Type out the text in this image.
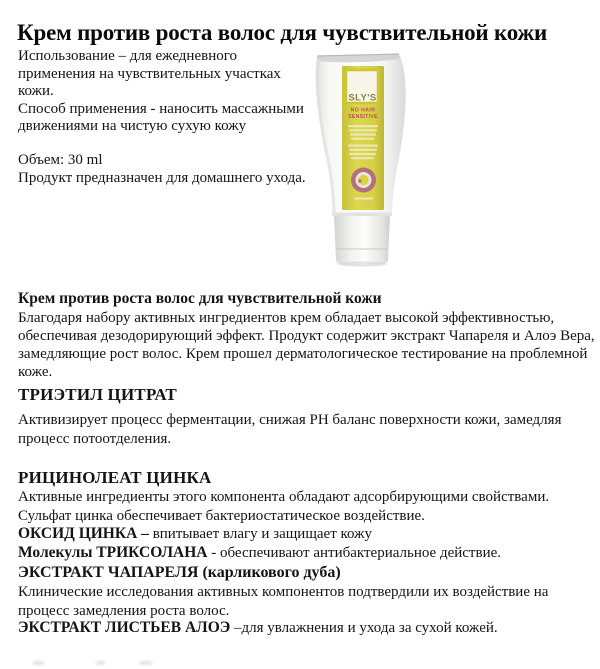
Крем против роста волос для чувствительной кожи
Использование – для ежедневного
применения на чувствительных участках
кожи.
Способ применения - наносить массажными
движениями на чистую сухую кожу
Объем: 30 ml
Продукт предназначен для домашнего ухода.
SLY'S
NO HAIR
SENSITIVE
Крем против роста волос для чувствительной кожи
Благодаря набору активных ингредиентов крем обладает высокой эффективностью,
обеспечивая дезодорирующий эффект. Продукт содержит экстракт Чапареля и Алоэ Вера,
замедляющие рост волос. Крем прошел дерматологическое тестирование на проблемной
коже.
ТРИЭТИЛ ЦИТРАТ
Активизирует процесс ферментации, снижая PH баланс поверхности кожи, замедляя
процесс потоотделения.
РИЦИНОЛЕАТ ЦИНКА
Активные ингредиенты этого компонента обладают адсорбирующими свойствами.
Сульфат цинка обеспечивает бактериостатическое воздействие.
ОКСИД ЦИНКА – впитывает влагу и защищает кожу
Молекулы ТРИКСОЛАНА - обеспечивают антибактериальное действие.
ЭКСТРАКТ ЧАПАРЕЛЯ (карликового дуба)
Клинические исследования активных компонентов подтвердили их воздействие на
процесс замедления роста волос.
ЭКСТРАКТ ЛИСТЬЕВ АЛОЭ –для увлажнения и ухода за сухой кожей.
